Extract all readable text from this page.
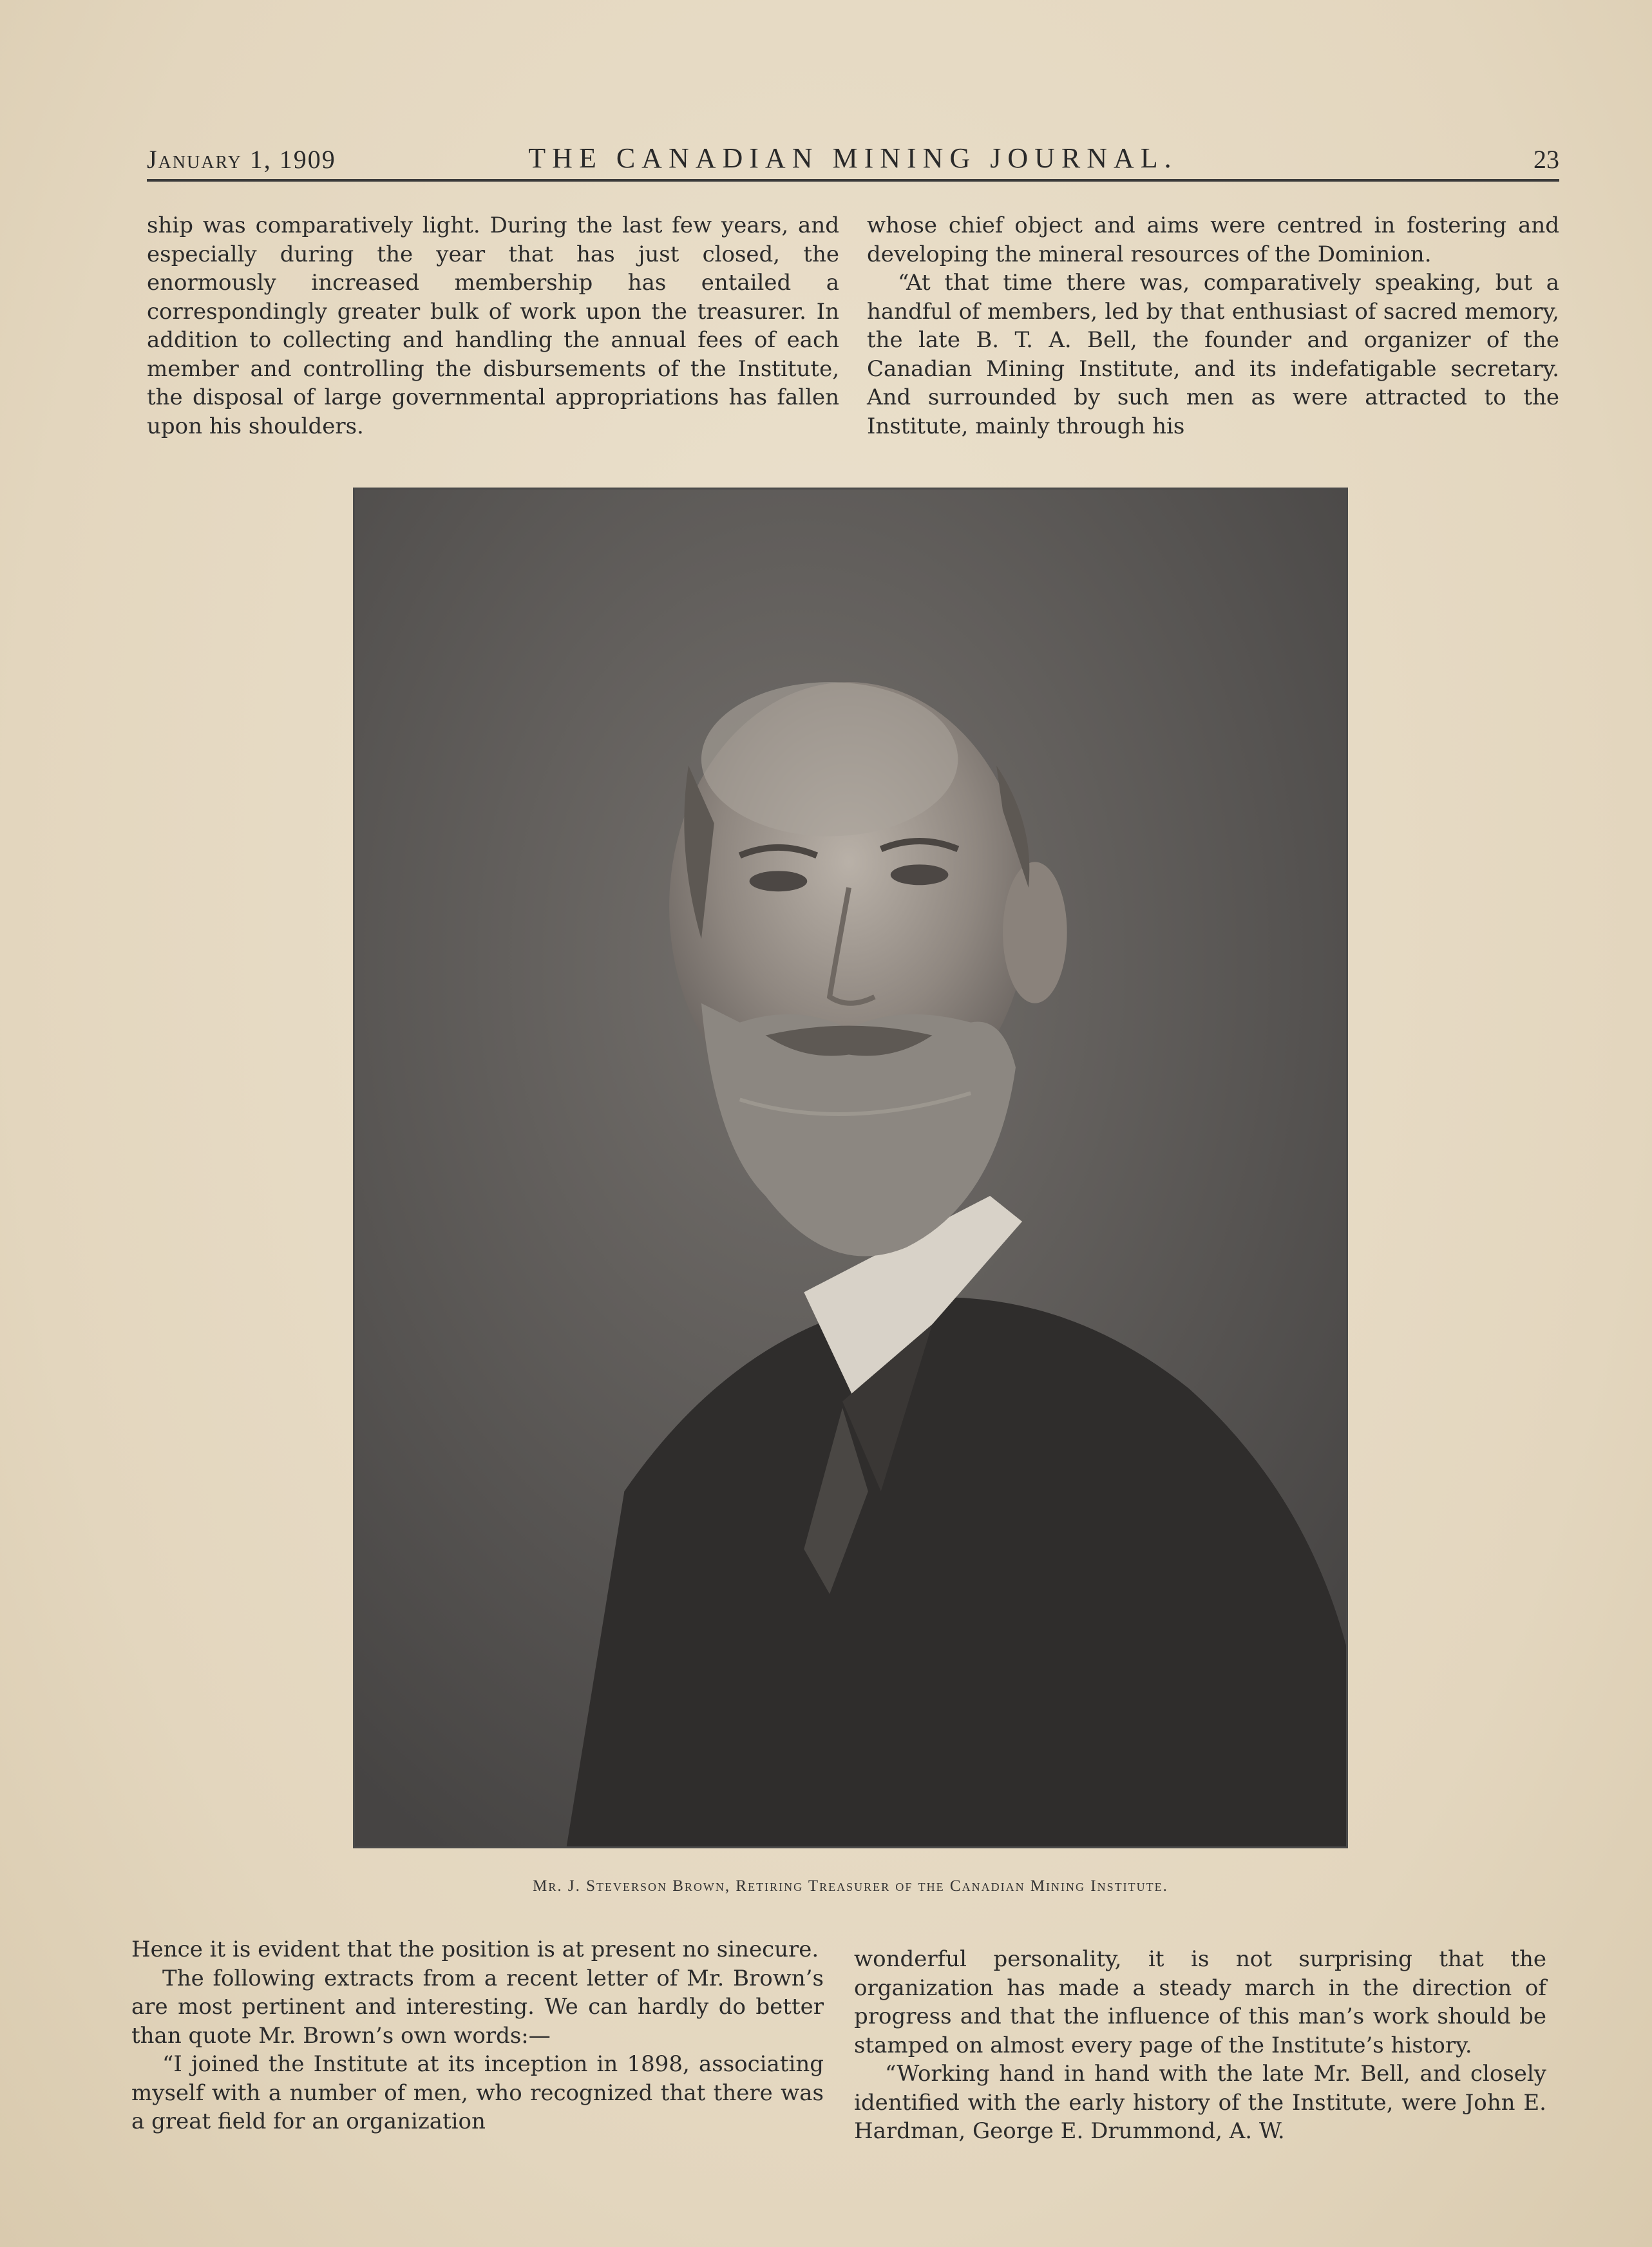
January 1, 1909	THE CANADIAN MINING JOURNAL.	23

ship was comparatively light. During the last few years, and especially during the year that has just closed, the enormously increased membership has entailed a correspondingly greater bulk of work upon the treasurer. In addition to collecting and handling the annual fees of each member and controlling the disbursements of the Institute, the disposal of large governmental appropriations has fallen upon his shoulders.

whose chief object and aims were centred in fostering and developing the mineral resources of the Dominion.

“At that time there was, comparatively speaking, but a handful of members, led by that enthusiast of sacred memory, the late B. T. A. Bell, the founder and organizer of the Canadian Mining Institute, and its indefatigable secretary. And surrounded by such men as were attracted to the Institute, mainly through his

Mr. J. Steverson Brown, Retiring Treasurer of the Canadian Mining Institute.

Hence it is evident that the position is at present no sinecure.

The following extracts from a recent letter of Mr. Brown’s are most pertinent and interesting. We can hardly do better than quote Mr. Brown’s own words:—

“I joined the Institute at its inception in 1898, associating myself with a number of men, who recognized that there was a great field for an organization

wonderful personality, it is not surprising that the organization has made a steady march in the direction of progress and that the influence of this man’s work should be stamped on almost every page of the Institute’s history.

“Working hand in hand with the late Mr. Bell, and closely identified with the early history of the Institute, were John E. Hardman, George E. Drummond, A. W.
